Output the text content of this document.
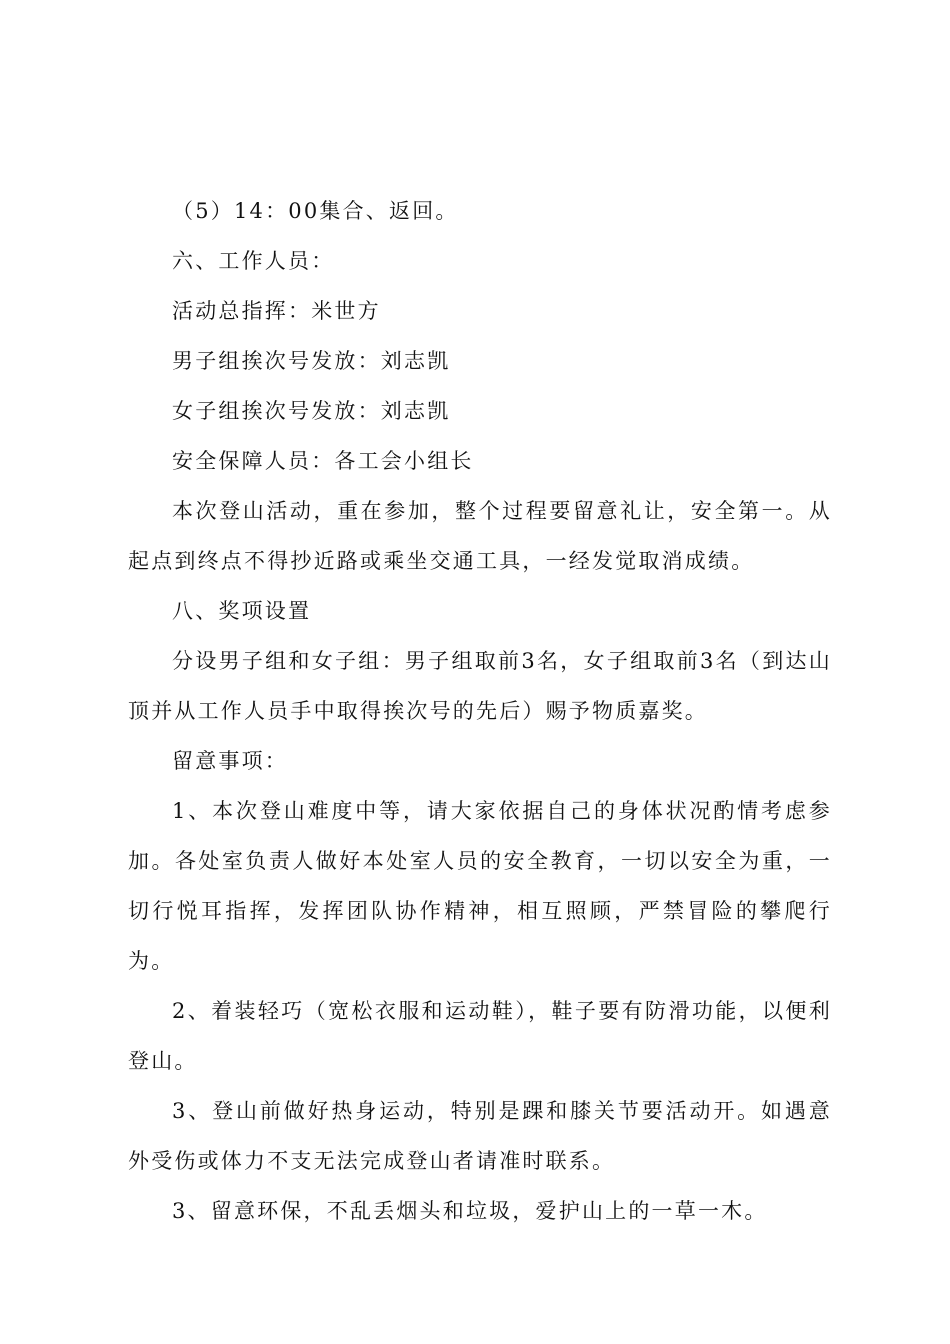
（5）14：00集合、返回。

六、工作人员：

活动总指挥：米世方

男子组挨次号发放：刘志凯

女子组挨次号发放：刘志凯

安全保障人员：各工会小组长

本次登山活动，重在参加，整个过程要留意礼让，安全第一。从起点到终点不得抄近路或乘坐交通工具，一经发觉取消成绩。

八、奖项设置

分设男子组和女子组：男子组取前3名，女子组取前3名（到达山顶并从工作人员手中取得挨次号的先后）赐予物质嘉奖。

留意事项：

1、本次登山难度中等，请大家依据自己的身体状况酌情考虑参加。各处室负责人做好本处室人员的安全教育，一切以安全为重，一切行悦耳指挥，发挥团队协作精神，相互照顾，严禁冒险的攀爬行为。

2、着装轻巧（宽松衣服和运动鞋），鞋子要有防滑功能，以便利登山。

3、登山前做好热身运动，特别是踝和膝关节要活动开。如遇意外受伤或体力不支无法完成登山者请准时联系。

3、留意环保，不乱丢烟头和垃圾，爱护山上的一草一木。
